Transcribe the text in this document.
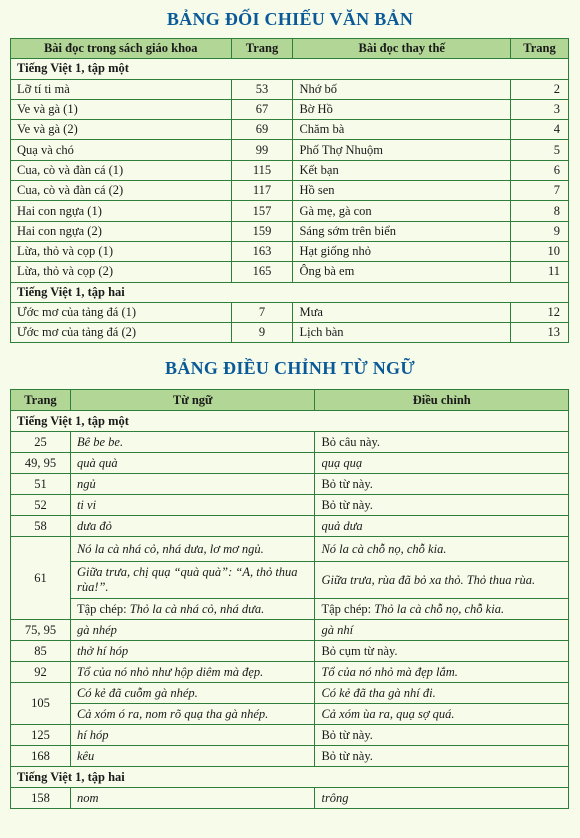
BẢNG ĐỐI CHIẾU VĂN BẢN
Bài đọc trong sách giáo khoa	Trang	Bài đọc thay thế	Trang
Tiếng Việt 1, tập một			
Lỡ tí ti mà	53	Nhớ bố	2
Ve và gà (1)	67	Bờ Hồ	3
Ve và gà (2)	69	Chăm bà	4
Quạ và chó	99	Phố Thợ Nhuộm	5
Cua, cò và đàn cá (1)	115	Kết bạn	6
Cua, cò và đàn cá (2)	117	Hồ sen	7
Hai con ngựa (1)	157	Gà mẹ, gà con	8
Hai con ngựa (2)	159	Sáng sớm trên biển	9
Lừa, thỏ và cọp (1)	163	Hạt giống nhỏ	10
Lừa, thỏ và cọp (2)	165	Ông bà em	11
Tiếng Việt 1, tập hai			
Ước mơ của tảng đá (1)	7	Mưa	12
Ước mơ của tảng đá (2)	9	Lịch bàn	13
BẢNG ĐIỀU CHỈNH TỪ NGỮ
Trang	Từ ngữ	Điều chỉnh
Tiếng Việt 1, tập một		
25	Bê be be.	Bỏ câu này.
49, 95	quà quà	quạ quạ
51	ngủ	Bỏ từ này.
52	ti vi	Bỏ từ này.
58	dưa đỏ	quả dưa
61	Nó la cà nhá cỏ, nhá dưa, lơ mơ ngủ.	Nó la cà chỗ nọ, chỗ kia.
	Giữa trưa, chị quạ “quà quà”: “A, thỏ thua rùa!”.	Giữa trưa, rùa đã bỏ xa thỏ. Thỏ thua rùa.
	Tập chép: Thỏ la cà nhá cỏ, nhá dưa.	Tập chép: Thỏ la cà chỗ nọ, chỗ kia.
75, 95	gà nhép	gà nhí
85	thở hí hóp	Bỏ cụm từ này.
92	Tổ của nó nhỏ như hộp diêm mà đẹp.	Tổ của nó nhỏ mà đẹp lắm.
105	Có kẻ đã cuỗm gà nhép.	Có kẻ đã tha gà nhí đi.
	Cả xóm ó ra, nom rõ quạ tha gà nhép.	Cả xóm ùa ra, quạ sợ quá.
125	hí hóp	Bỏ từ này.
168	kêu	Bỏ từ này.
Tiếng Việt 1, tập hai		
158	nom	trông
